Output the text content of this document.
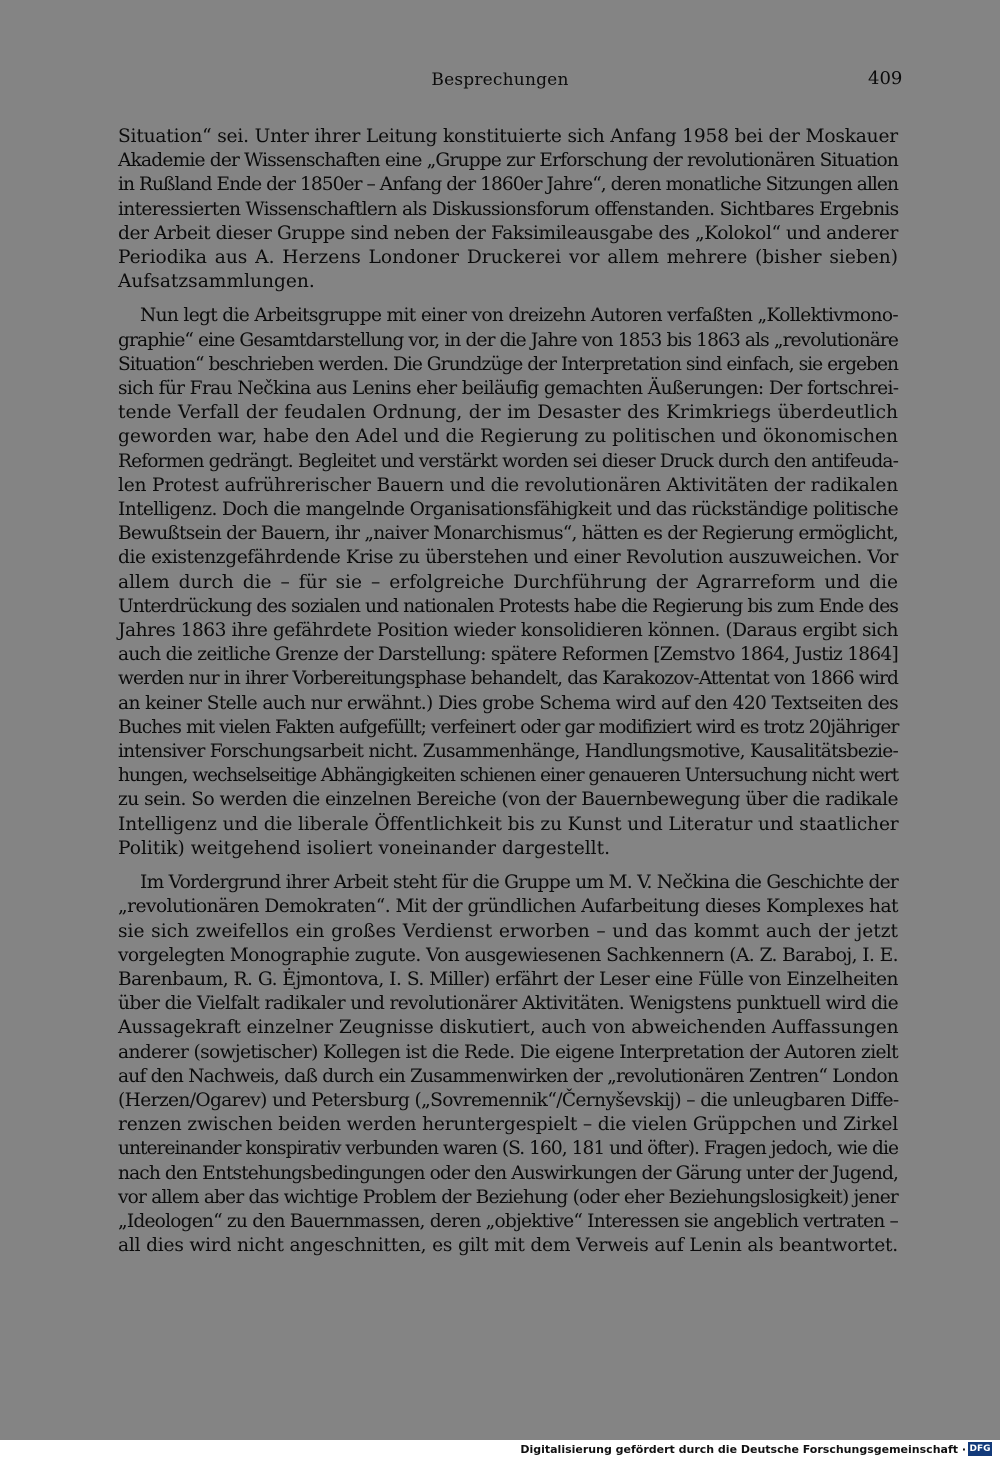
Besprechungen	409
Situation“ sei. Unter ihrer Leitung konstituierte sich Anfang 1958 bei der Moskauer
Akademie der Wissenschaften eine „Gruppe zur Erforschung der revolutionären Situation
in Rußland Ende der 1850er – Anfang der 1860er Jahre“, deren monatliche Sitzungen allen
interessierten Wissenschaftlern als Diskussionsforum offenstanden. Sichtbares Ergebnis
der Arbeit dieser Gruppe sind neben der Faksimileausgabe des „Kolokol“ und anderer
Periodika aus A. Herzens Londoner Druckerei vor allem mehrere (bisher sieben)
Aufsatzsammlungen.
Nun legt die Arbeitsgruppe mit einer von dreizehn Autoren verfaßten „Kollektivmono-
graphie“ eine Gesamtdarstellung vor, in der die Jahre von 1853 bis 1863 als „revolutionäre
Situation“ beschrieben werden. Die Grundzüge der Interpretation sind einfach, sie ergeben
sich für Frau Nečkina aus Lenins eher beiläufig gemachten Äußerungen: Der fortschrei-
tende Verfall der feudalen Ordnung, der im Desaster des Krimkriegs überdeutlich
geworden war, habe den Adel und die Regierung zu politischen und ökonomischen
Reformen gedrängt. Begleitet und verstärkt worden sei dieser Druck durch den antifeuda-
len Protest aufrührerischer Bauern und die revolutionären Aktivitäten der radikalen
Intelligenz. Doch die mangelnde Organisationsfähigkeit und das rückständige politische
Bewußtsein der Bauern, ihr „naiver Monarchismus“, hätten es der Regierung ermöglicht,
die existenzgefährdende Krise zu überstehen und einer Revolution auszuweichen. Vor
allem durch die – für sie – erfolgreiche Durchführung der Agrarreform und die
Unterdrückung des sozialen und nationalen Protests habe die Regierung bis zum Ende des
Jahres 1863 ihre gefährdete Position wieder konsolidieren können. (Daraus ergibt sich
auch die zeitliche Grenze der Darstellung: spätere Reformen [Zemstvo 1864, Justiz 1864]
werden nur in ihrer Vorbereitungsphase behandelt, das Karakozov-Attentat von 1866 wird
an keiner Stelle auch nur erwähnt.) Dies grobe Schema wird auf den 420 Textseiten des
Buches mit vielen Fakten aufgefüllt; verfeinert oder gar modifiziert wird es trotz 20jähriger
intensiver Forschungsarbeit nicht. Zusammenhänge, Handlungsmotive, Kausalitätsbezie-
hungen, wechselseitige Abhängigkeiten schienen einer genaueren Untersuchung nicht wert
zu sein. So werden die einzelnen Bereiche (von der Bauernbewegung über die radikale
Intelligenz und die liberale Öffentlichkeit bis zu Kunst und Literatur und staatlicher
Politik) weitgehend isoliert voneinander dargestellt.
Im Vordergrund ihrer Arbeit steht für die Gruppe um M. V. Nečkina die Geschichte der
„revolutionären Demokraten“. Mit der gründlichen Aufarbeitung dieses Komplexes hat
sie sich zweifellos ein großes Verdienst erworben – und das kommt auch der jetzt
vorgelegten Monographie zugute. Von ausgewiesenen Sachkennern (A. Z. Baraboj, I. E.
Barenbaum, R. G. Ėjmontova, I. S. Miller) erfährt der Leser eine Fülle von Einzelheiten
über die Vielfalt radikaler und revolutionärer Aktivitäten. Wenigstens punktuell wird die
Aussagekraft einzelner Zeugnisse diskutiert, auch von abweichenden Auffassungen
anderer (sowjetischer) Kollegen ist die Rede. Die eigene Interpretation der Autoren zielt
auf den Nachweis, daß durch ein Zusammenwirken der „revolutionären Zentren“ London
(Herzen/Ogarev) und Petersburg („Sovremennik“/Černyševskij) – die unleugbaren Diffe-
renzen zwischen beiden werden heruntergespielt – die vielen Grüppchen und Zirkel
untereinander konspirativ verbunden waren (S. 160, 181 und öfter). Fragen jedoch, wie die
nach den Entstehungsbedingungen oder den Auswirkungen der Gärung unter der Jugend,
vor allem aber das wichtige Problem der Beziehung (oder eher Beziehungslosigkeit) jener
„Ideologen“ zu den Bauernmassen, deren „objektive“ Interessen sie angeblich vertraten –
all dies wird nicht angeschnitten, es gilt mit dem Verweis auf Lenin als beantwortet.
Digitalisierung gefördert durch die Deutsche Forschungsgemeinschaft · DFG
